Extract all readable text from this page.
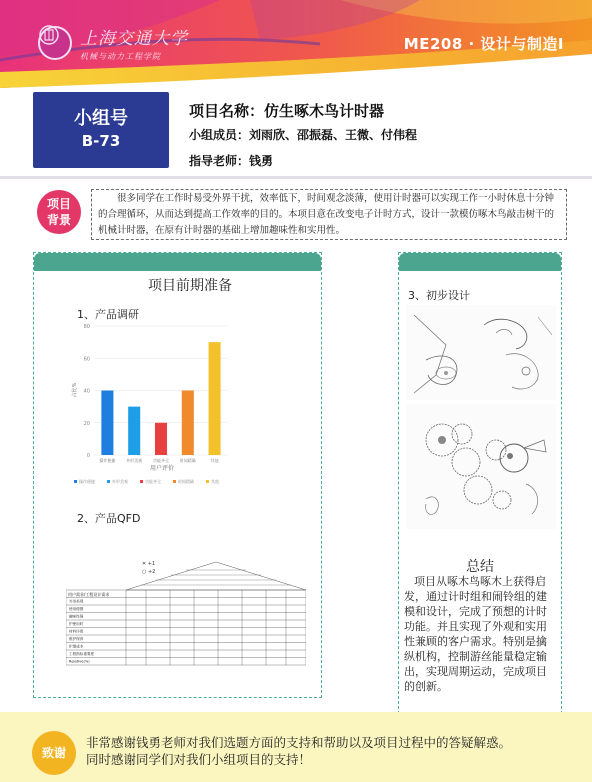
上海交通大学
机械与动力工程学院
ME208 · 设计与制造Ⅰ
小组号
B-73
项目名称：仿生啄木鸟计时器
小组成员：刘雨欣、邵振磊、王微、付伟程
指导老师：钱勇
项目
背景
很多同学在工作时易受外界干扰，效率低下，时间观念淡薄，使用计时器可以实现工作一小时休息十分钟的合理循环，从而达到提高工作效率的目的。本项目意在改变电子计时方式，设计一款模仿啄木鸟敲击树干的机械计时器，在原有计时器的基础上增加趣味性和实用性。
项目前期准备
1、产品调研
占比%
80
60
40
20
0
操作便捷	外形美观	功能齐全	时间精确	其他
用户评价
操作便捷	外形美观	功能齐全	时间精确	其他
2、产品QFD
✕ +1
○ +2
用户需求/工程设计需求
外形美观
使用便捷
趣味性强
护使用时
材料环保
维护保养
护理成本
工程指标重要度
Relative(%)
3、初步设计
总结
项目从啄木鸟啄木上获得启发，通过计时组和闹铃组的建模和设计，完成了预想的计时功能。并且实现了外观和实用性兼顾的客户需求。特别是擒纵机构，控制游丝能量稳定输出，实现周期运动，完成项目的创新。
致谢
非常感谢钱勇老师对我们选题方面的支持和帮助以及项目过程中的答疑解惑。
同时感谢同学们对我们小组项目的支持！
